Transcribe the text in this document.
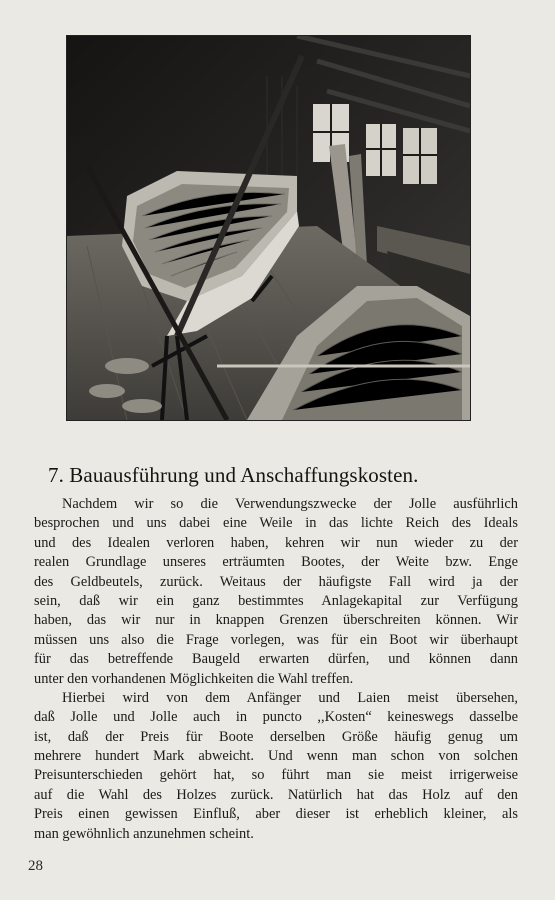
7. Bauausführung und Anschaffungskosten.
Nachdem wir so die Verwendungszwecke der Jolle ausführlich
besprochen und uns dabei eine Weile in das lichte Reich des Ideals
und des Idealen verloren haben, kehren wir nun wieder zu der
realen Grundlage unseres erträumten Bootes, der Weite bzw. Enge
des Geldbeutels, zurück. Weitaus der häufigste Fall wird ja der
sein, daß wir ein ganz bestimmtes Anlagekapital zur Verfügung
haben, das wir nur in knappen Grenzen überschreiten können. Wir
müssen uns also die Frage vorlegen, was für ein Boot wir überhaupt
für das betreffende Baugeld erwarten dürfen, und können dann
unter den vorhandenen Möglichkeiten die Wahl treffen.
Hierbei wird von dem Anfänger und Laien meist übersehen,
daß Jolle und Jolle auch in puncto ,,Kosten“ keineswegs dasselbe
ist, daß der Preis für Boote derselben Größe häufig genug um
mehrere hundert Mark abweicht. Und wenn man schon von solchen
Preisunterschieden gehört hat, so führt man sie meist irrigerweise
auf die Wahl des Holzes zurück. Natürlich hat das Holz auf den
Preis einen gewissen Einfluß, aber dieser ist erheblich kleiner, als
man gewöhnlich anzunehmen scheint.
28
